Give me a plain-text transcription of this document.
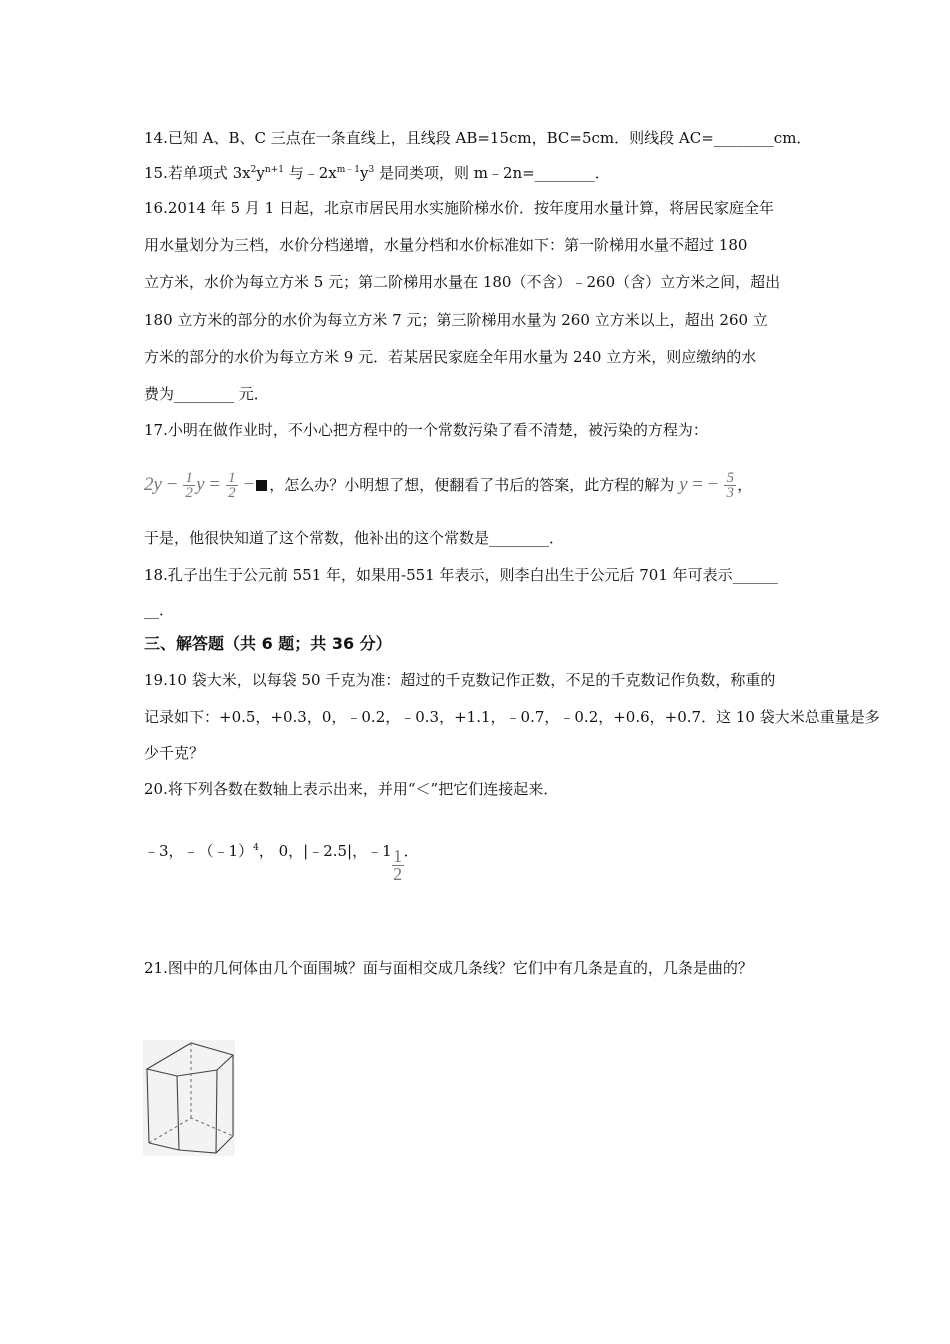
14.已知 A、B、C 三点在一条直线上，且线段 AB=15cm，BC=5cm．则线段 AC=________cm．
15.若单项式 $3x^2y^{n+1}$ 与$﹣2x^{m﹣1}y^3$ 是同类项，则 m﹣2n=________．
16.2014 年 5 月 1 日起，北京市居民用水实施阶梯水价．按年度用水量计算，将居民家庭全年
用水量划分为三档，水价分档递增，水量分档和水价标准如下：第一阶梯用水量不超过 180
立方米，水价为每立方米 5 元；第二阶梯用水量在 180（不含）﹣260（含）立方米之间，超出
180 立方米的部分的水价为每立方米 7 元；第三阶梯用水量为 260 立方米以上，超出 260 立
方米的部分的水价为每立方米 9 元．若某居民家庭全年用水量为 240 立方米，则应缴纳的水
费为________ 元．
17.小明在做作业时，不小心把方程中的一个常数污染了看不清楚，被污染的方程为：
$2y - \frac{1}{2}$ $y = \frac{1}{2}$ − ，怎么办？小明想了想，便翻看了书后的答案，此方程的解为 y = − $\frac{5}{3}$ ，
于是，他很快知道了这个常数，他补出的这个常数是________．
18.孔子出生于公元前 551 年，如果用-551 年表示，则李白出生于公元后 701 年可表示______
__．
三、解答题（共 6 题；共 36 分）
19.10 袋大米，以每袋 50 千克为准：超过的千克数记作正数，不足的千克数记作负数，称重的
记录如下：+0.5，+0.3，0，﹣0.2，﹣0.3，+1.1，﹣0.7，﹣0.2，+0.6，+0.7．这 10 袋大米总重量是多
少千克？
20.将下列各数在数轴上表示出来，并用“＜”把它们连接起来．
﹣3，﹣（﹣1）$^4$， 0，|﹣2.5|，﹣1 $\frac{1}{2}$ ．
21.图中的几何体由几个面围城？面与面相交成几条线？它们中有几条是直的，几条是曲的？
